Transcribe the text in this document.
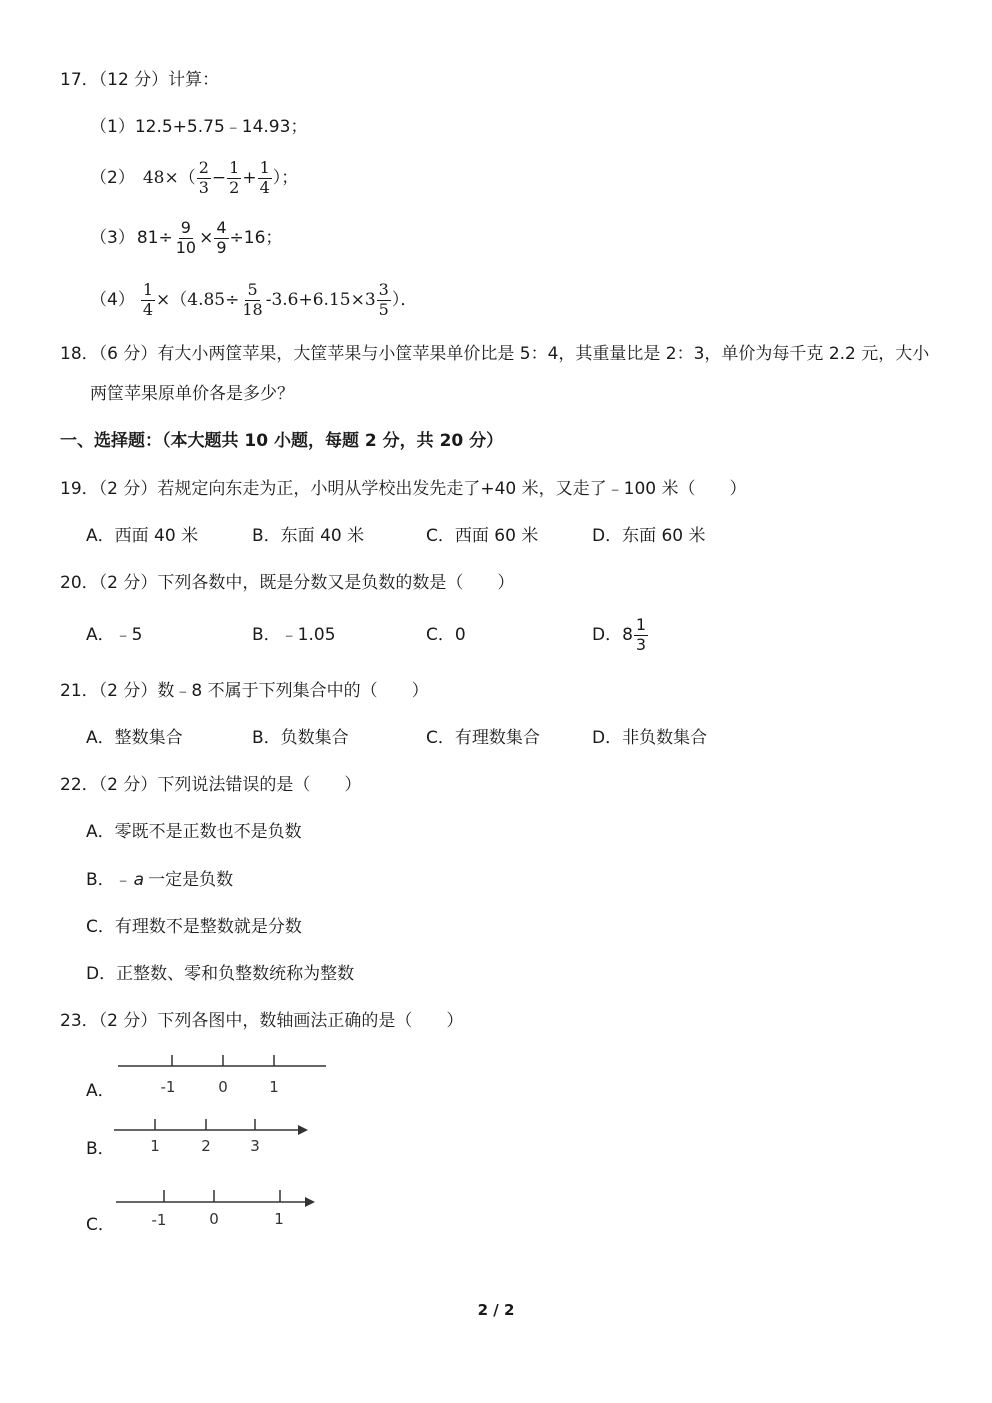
17．（12 分）计算：
（1）12.5+5.75﹣14.93；
（2） $48\times( \frac{2}{3} - \frac{1}{2} + \frac{1}{4}$ ）；
（3） $81\div \frac{9}{10} \times \frac{4}{9} \div 16$；
$(4) \frac{1}{4} \times(4.85\div \frac{5}{18} -3.6+6.15\times 3 \frac{3}{5}$ ）．
18．（6 分）有大小两筐苹果，大筐苹果与小筐苹果单价比是 5：4，其重量比是 2：3，单价为每千克 2.2 元，大小
两筐苹果原单价各是多少？
一、选择题：（本大题共 10 小题，每题 2 分，共 20 分）
19．（2 分）若规定向东走为正，小明从学校出发先走了+40 米，又走了﹣100 米（　　）
A．西面 40 米	B．东面 40 米	C．西面 60 米	D．东面 60 米
20．（2 分）下列各数中，既是分数又是负数的数是（　　）
A．﹣5	B．﹣1.05	C．0	D．$8 \frac{1}{3}$
21．（2 分）数﹣8 不属于下列集合中的（　　）
A．整数集合	B．负数集合	C．有理数集合	D．非负数集合
22．（2 分）下列说法错误的是（　　）
A．零既不是正数也不是负数
B．﹣ a 一定是负数
C．有理数不是整数就是分数
D．正整数、零和负整数统称为整数
23．（2 分）下列各图中，数轴画法正确的是（　　）
A．	-1	0	1
B． 1	2	3
C． -1	0	1
2 / 2
